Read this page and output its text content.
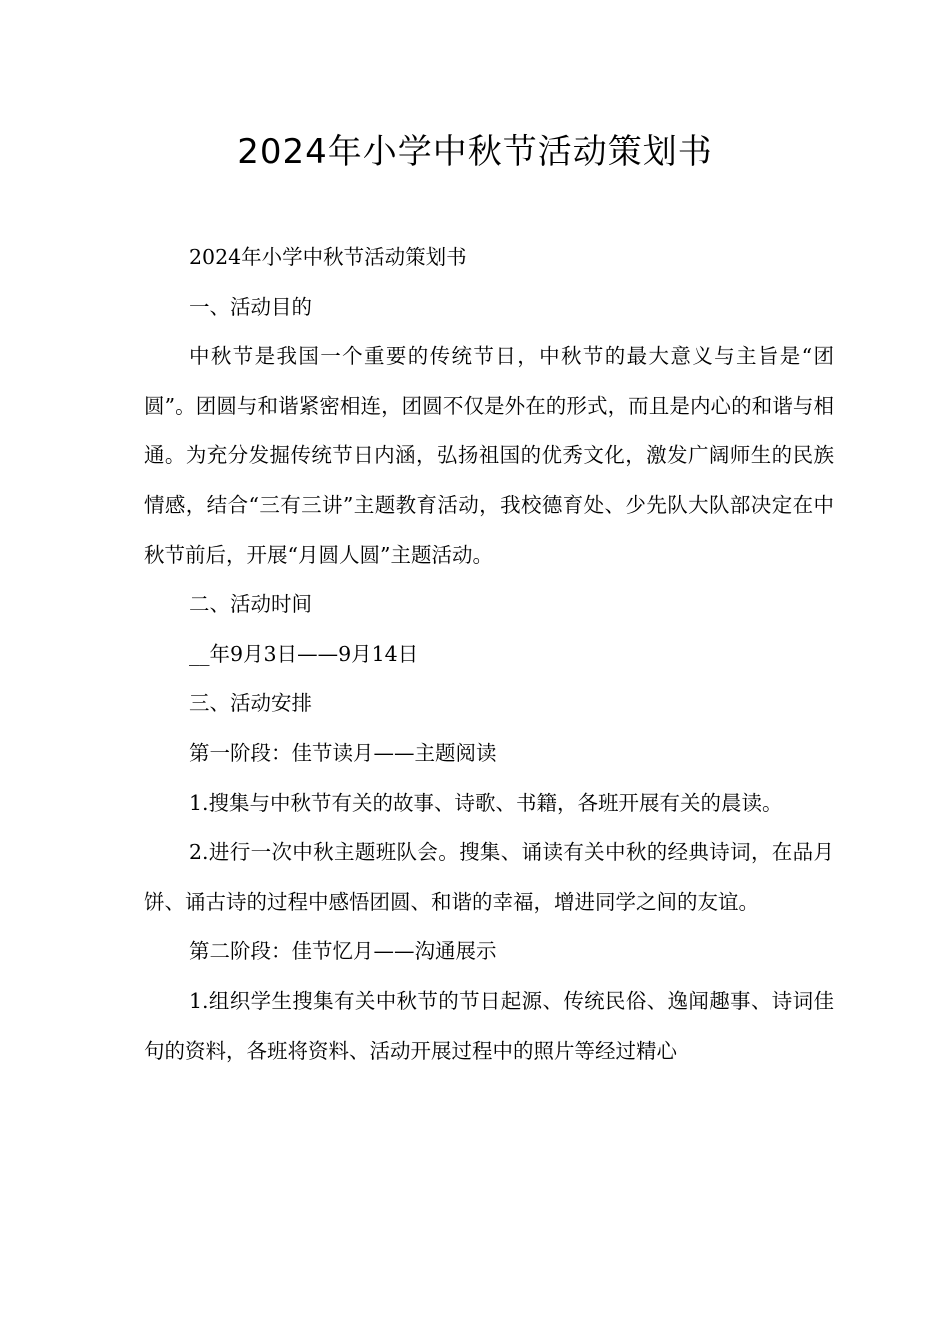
2024年小学中秋节活动策划书

2024年小学中秋节活动策划书

一、活动目的

中秋节是我国一个重要的传统节日，中秋节的最大意义与主旨是“团圆”。团圆与和谐紧密相连，团圆不仅是外在的形式，而且是内心的和谐与相通。为充分发掘传统节日内涵，弘扬祖国的优秀文化，激发广阔师生的民族情感，结合“三有三讲”主题教育活动，我校德育处、少先队大队部决定在中秋节前后，开展“月圆人圆”主题活动。

二、活动时间

__年9月3日——9月14日

三、活动安排

第一阶段：佳节读月——主题阅读

1.搜集与中秋节有关的故事、诗歌、书籍，各班开展有关的晨读。

2.进行一次中秋主题班队会。搜集、诵读有关中秋的经典诗词，在品月饼、诵古诗的过程中感悟团圆、和谐的幸福，增进同学之间的友谊。

第二阶段：佳节忆月——沟通展示

1.组织学生搜集有关中秋节的节日起源、传统民俗、逸闻趣事、诗词佳句的资料，各班将资料、活动开展过程中的照片等经过精心
